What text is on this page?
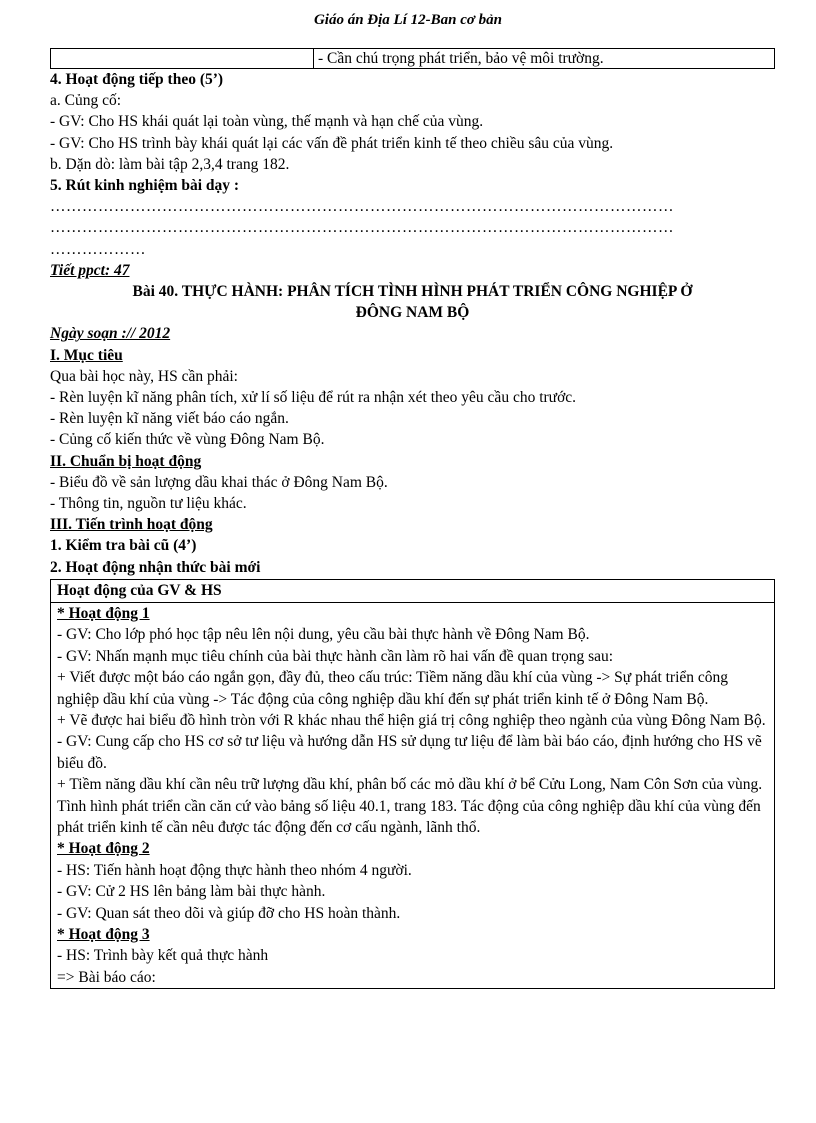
Giáo án Địa Lí 12-Ban cơ bản
	- Cần chú trọng phát triển, bảo vệ môi trường.
4. Hoạt động tiếp theo (5’)
a. Củng cố:
- GV: Cho HS khái quát lại toàn vùng, thế mạnh và hạn chế của vùng.
- GV: Cho HS trình bày khái quát lại các vấn đề phát triển kinh tế theo chiều sâu của vùng.
b. Dặn dò: làm bài tập 2,3,4 trang 182.
5. Rút kinh nghiệm bài dạy :
………………………………………………………………………………………………………
………………………………………………………………………………………………………
………………
Tiết ppct: 47
Bài 40. THỰC HÀNH: PHÂN TÍCH TÌNH HÌNH PHÁT TRIỂN CÔNG NGHIỆP Ở
ĐÔNG NAM BỘ
Ngày soạn :// 2012
I. Mục tiêu
Qua bài học này, HS cần phải:
- Rèn luyện kĩ năng phân tích, xử lí số liệu để rút ra nhận xét theo yêu cầu cho trước.
- Rèn luyện kĩ năng viết báo cáo ngắn.
- Củng cố kiến thức về vùng Đông Nam Bộ.
II. Chuẩn bị hoạt động
- Biểu đồ về sản lượng dầu khai thác ở Đông Nam Bộ.
- Thông tin, nguồn tư liệu khác.
III. Tiến trình hoạt động
1. Kiểm tra bài cũ (4’)
2. Hoạt động nhận thức bài mới
Hoạt động của GV & HS
* Hoạt động 1
- GV: Cho lớp phó học tập nêu lên nội dung, yêu cầu bài thực hành về Đông Nam Bộ.
- GV: Nhấn mạnh mục tiêu chính của bài thực hành cần làm rõ hai vấn đề quan trọng sau:
+ Viết được một báo cáo ngắn gọn, đầy đủ, theo cấu trúc: Tiềm năng dầu khí của vùng -> Sự phát triển công nghiệp dầu khí của vùng -> Tác động của công nghiệp dầu khí đến sự phát triển kinh tế ở Đông Nam Bộ.
+ Vẽ được hai biểu đồ hình tròn với R khác nhau thể hiện giá trị công nghiệp theo ngành của vùng Đông Nam Bộ.
- GV: Cung cấp cho HS cơ sở tư liệu và hướng dẫn HS sử dụng tư liệu để làm bài báo cáo, định hướng cho HS vẽ biểu đồ.
+ Tiềm năng dầu khí cần nêu trữ lượng dầu khí, phân bố các mỏ dầu khí ở bể Cửu Long, Nam Côn Sơn của vùng. Tình hình phát triển cần căn cứ vào bảng số liệu 40.1, trang 183. Tác động của công nghiệp dầu khí của vùng đến phát triển kinh tế cần nêu được tác động đến cơ cấu ngành, lãnh thổ.
* Hoạt động 2
- HS: Tiến hành hoạt động thực hành theo nhóm 4 người.
- GV: Cử 2 HS lên bảng làm bài thực hành.
- GV: Quan sát theo dõi và giúp đỡ cho HS hoàn thành.
* Hoạt động 3
- HS: Trình bày kết quả thực hành
=> Bài báo cáo:
